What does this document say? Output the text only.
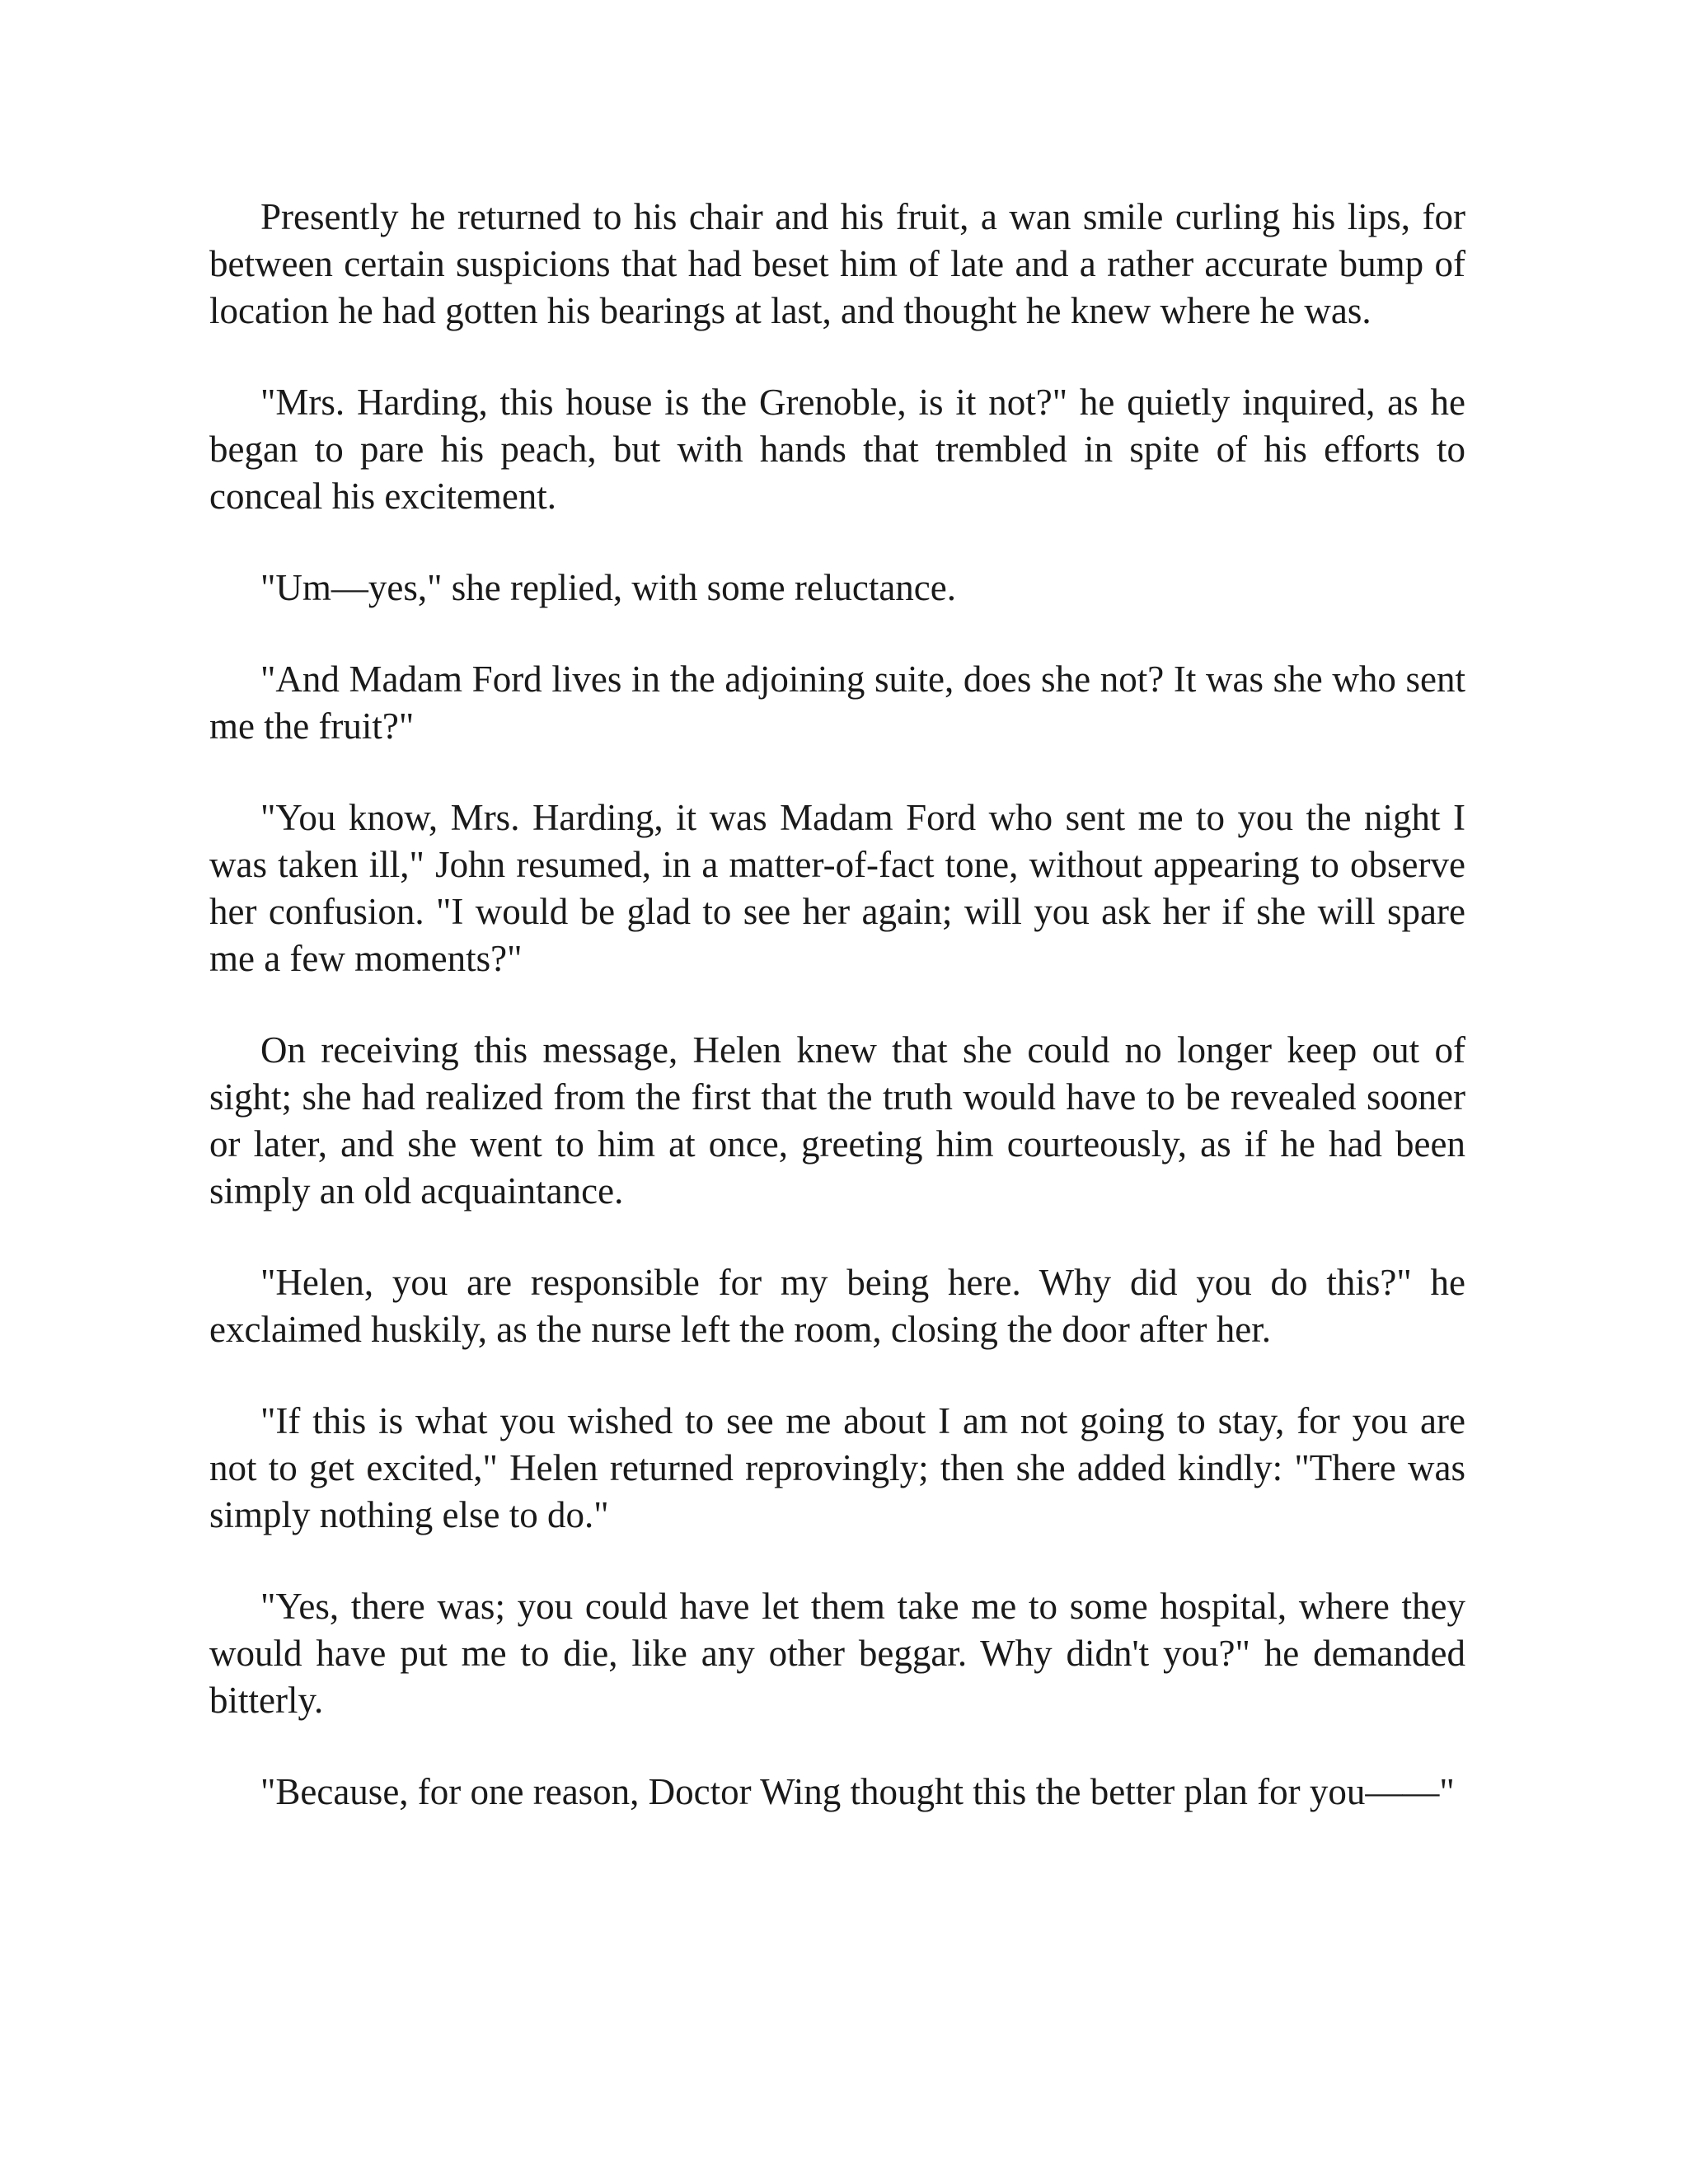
Presently he returned to his chair and his fruit, a wan smile curling his lips, for between certain suspicions that had beset him of late and a rather accurate bump of location he had gotten his bearings at last, and thought he knew where he was.

"Mrs. Harding, this house is the Grenoble, is it not?" he quietly inquired, as he began to pare his peach, but with hands that trembled in spite of his efforts to conceal his excitement.

"Um—yes," she replied, with some reluctance.

"And Madam Ford lives in the adjoining suite, does she not? It was she who sent me the fruit?"

"You know, Mrs. Harding, it was Madam Ford who sent me to you the night I was taken ill," John resumed, in a matter-of-fact tone, without appearing to observe her confusion. "I would be glad to see her again; will you ask her if she will spare me a few moments?"

On receiving this message, Helen knew that she could no longer keep out of sight; she had realized from the first that the truth would have to be revealed sooner or later, and she went to him at once, greeting him courteously, as if he had been simply an old acquaintance.

"Helen, you are responsible for my being here. Why did you do this?" he exclaimed huskily, as the nurse left the room, closing the door after her.

"If this is what you wished to see me about I am not going to stay, for you are not to get excited," Helen returned reprovingly; then she added kindly: "There was simply nothing else to do."

"Yes, there was; you could have let them take me to some hospital, where they would have put me to die, like any other beggar. Why didn't you?" he demanded bitterly.

"Because, for one reason, Doctor Wing thought this the better plan for you——"
